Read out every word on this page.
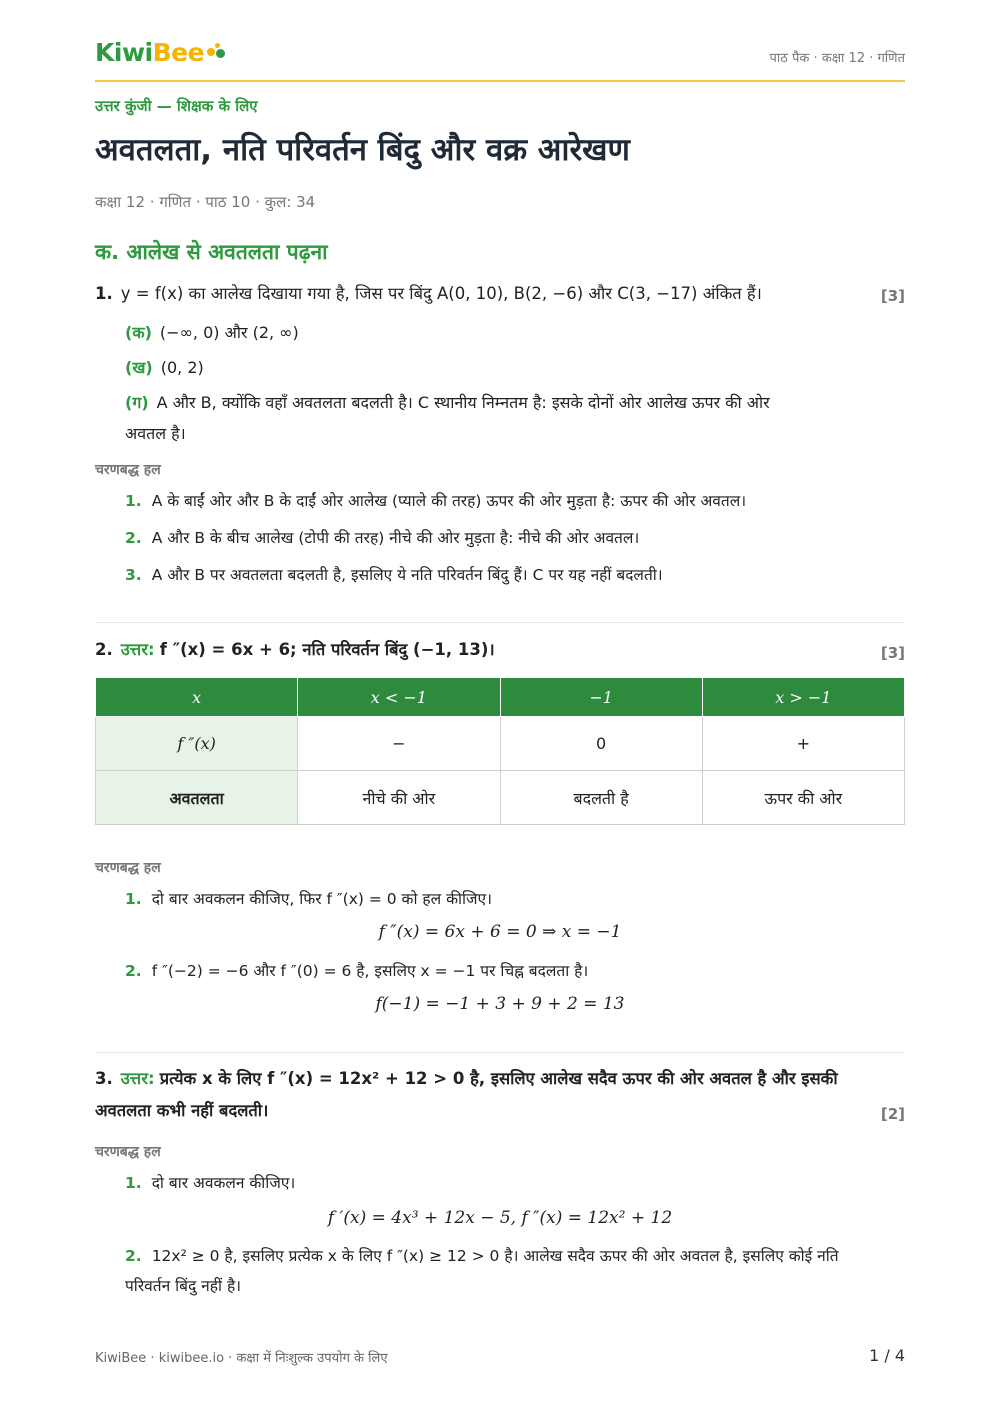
KiwiBee	पाठ पैक · कक्षा 12 · गणित
उत्तर कुंजी — शिक्षक के लिए
अवतलता, नति परिवर्तन बिंदु और वक्र आरेखण
कक्षा 12 · गणित · पाठ 10 · कुल: 34
क. आलेख से अवतलता पढ़ना
1. y = f(x) का आलेख दिखाया गया है, जिस पर बिंदु A(0, 10), B(2, −6) और C(3, −17) अंकित हैं।	[3]
(क) (−∞, 0) और (2, ∞)
(ख) (0, 2)
(ग) A और B, क्योंकि वहाँ अवतलता बदलती है। C स्थानीय निम्नतम है: इसके दोनों ओर आलेख ऊपर की ओर
अवतल है।
चरणबद्ध हल
1. A के बाईं ओर और B के दाईं ओर आलेख (प्याले की तरह) ऊपर की ओर मुड़ता है: ऊपर की ओर अवतल।
2. A और B के बीच आलेख (टोपी की तरह) नीचे की ओर मुड़ता है: नीचे की ओर अवतल।
3. A और B पर अवतलता बदलती है, इसलिए ये नति परिवर्तन बिंदु हैं। C पर यह नहीं बदलती।
2. उत्तर: f ″(x) = 6x + 6; नति परिवर्तन बिंदु (−1, 13)।	[3]
x	x < −1	−1	x > −1
f ″(x)	−	0	+
अवतलता	नीचे की ओर	बदलती है	ऊपर की ओर
चरणबद्ध हल
1. दो बार अवकलन कीजिए, फिर f ″(x) = 0 को हल कीजिए।
f ″(x) = 6x + 6 = 0 ⇒ x = −1
2. f ″(−2) = −6 और f ″(0) = 6 है, इसलिए x = −1 पर चिह्न बदलता है।
f(−1) = −1 + 3 + 9 + 2 = 13
3. उत्तर: प्रत्येक x के लिए f ″(x) = 12x² + 12 > 0 है, इसलिए आलेख सदैव ऊपर की ओर अवतल है और इसकी
अवतलता कभी नहीं बदलती।	[2]
चरणबद्ध हल
1. दो बार अवकलन कीजिए।
f ′(x) = 4x³ + 12x − 5, f ″(x) = 12x² + 12
2. 12x² ≥ 0 है, इसलिए प्रत्येक x के लिए f ″(x) ≥ 12 > 0 है। आलेख सदैव ऊपर की ओर अवतल है, इसलिए कोई नति
परिवर्तन बिंदु नहीं है।
KiwiBee · kiwibee.io · कक्षा में निःशुल्क उपयोग के लिए	1 / 4
